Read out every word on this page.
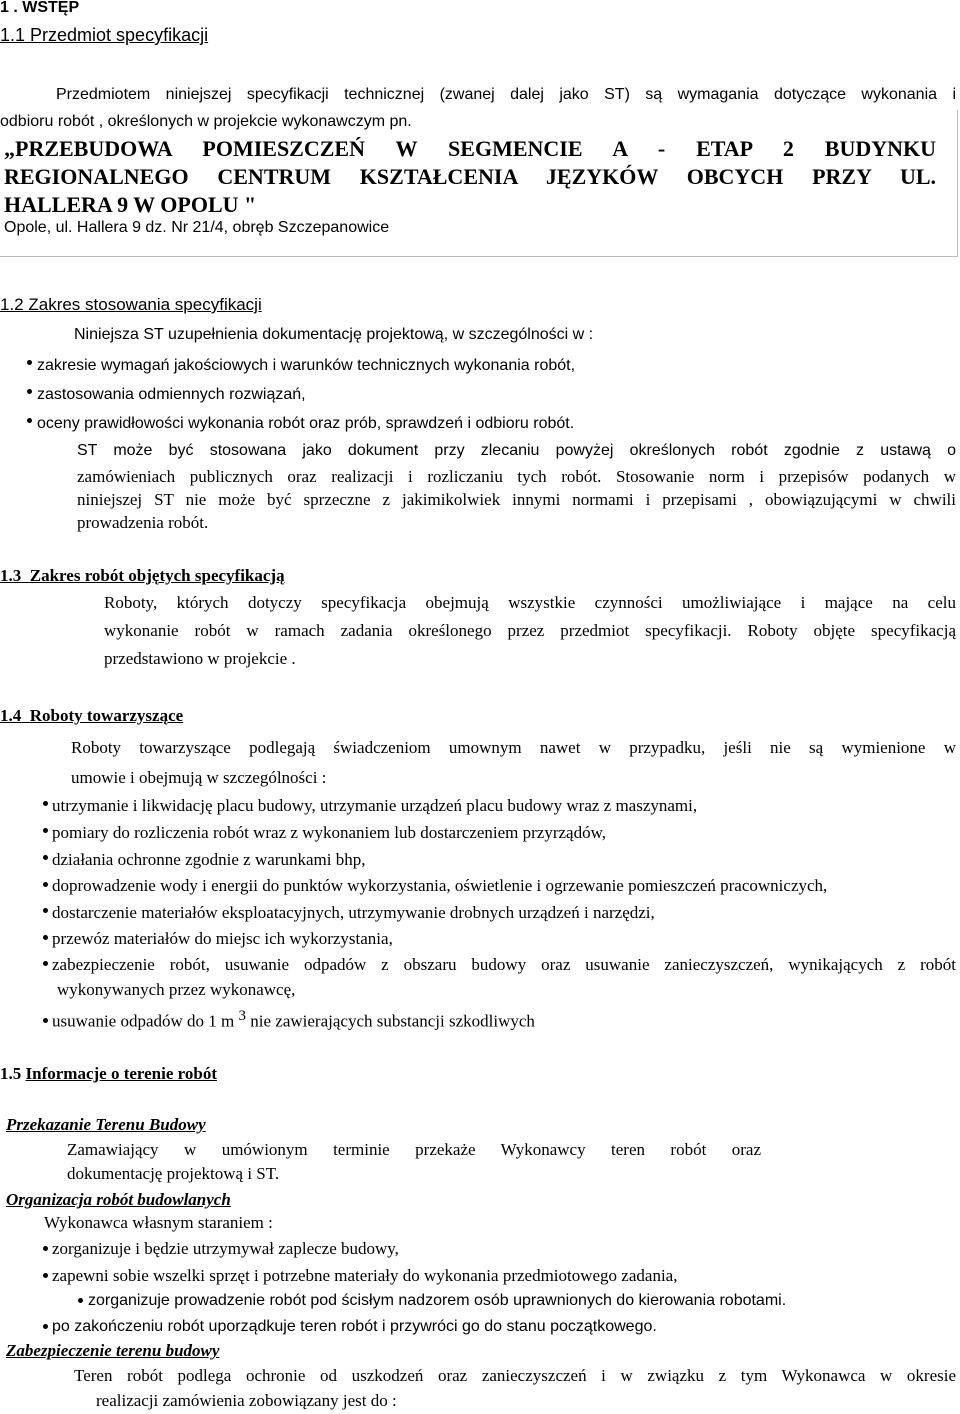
1 . WSTĘP
1.1 Przedmiot specyfikacji
Przedmiotem niniejszej specyfikacji technicznej (zwanej dalej jako ST) są wymagania dotyczące wykonania i
odbioru robót , określonych w projekcie wykonawczym pn.
„PRZEBUDOWA POMIESZCZEŃ W SEGMENCIE A - ETAP 2 BUDYNKU
REGIONALNEGO CENTRUM KSZTAŁCENIA JĘZYKÓW OBCYCH PRZY UL.
HALLERA 9 W OPOLU "
Opole, ul. Hallera 9 dz. Nr 21/4, obręb Szczepanowice
1.2 Zakres stosowania specyfikacji
Niniejsza ST uzupełnienia dokumentację projektową, w szczególności w :
zakresie wymagań jakościowych i warunków technicznych wykonania robót,
zastosowania odmiennych rozwiązań,
oceny prawidłowości wykonania robót oraz prób, sprawdzeń i odbioru robót.
ST może być stosowana jako dokument przy zlecaniu powyżej określonych robót zgodnie z ustawą o
zamówieniach publicznych oraz realizacji i rozliczaniu tych robót. Stosowanie norm i przepisów podanych w
niniejszej ST nie może być sprzeczne z jakimikolwiek innymi normami i przepisami , obowiązującymi w chwili
prowadzenia robót.
1.3 Zakres robót objętych specyfikacją
Roboty, których dotyczy specyfikacja obejmują wszystkie czynności umożliwiające i mające na celu
wykonanie robót w ramach zadania określonego przez przedmiot specyfikacji. Roboty objęte specyfikacją
przedstawiono w projekcie .
1.4 Roboty towarzyszące
Roboty towarzyszące podlegają świadczeniom umownym nawet w przypadku, jeśli nie są wymienione w
umowie i obejmują w szczególności :
utrzymanie i likwidację placu budowy, utrzymanie urządzeń placu budowy wraz z maszynami,
pomiary do rozliczenia robót wraz z wykonaniem lub dostarczeniem przyrządów,
działania ochronne zgodnie z warunkami bhp,
doprowadzenie wody i energii do punktów wykorzystania, oświetlenie i ogrzewanie pomieszczeń pracowniczych,
dostarczenie materiałów eksploatacyjnych, utrzymywanie drobnych urządzeń i narzędzi,
przewóz materiałów do miejsc ich wykorzystania,
zabezpieczenie robót, usuwanie odpadów z obszaru budowy oraz usuwanie zanieczyszczeń, wynikających z robót
wykonywanych przez wykonawcę,
usuwanie odpadów do 1 m $^3$ nie zawierających substancji szkodliwych
1.5 Informacje o terenie robót
Przekazanie Terenu Budowy
Zamawiający w umówionym terminie przekaże Wykonawcy teren robót oraz
dokumentację projektową i ST.
Organizacja robót budowlanych
Wykonawca własnym staraniem :
zorganizuje i będzie utrzymywał zaplecze budowy,
zapewni sobie wszelki sprzęt i potrzebne materiały do wykonania przedmiotowego zadania,
zorganizuje prowadzenie robót pod ścisłym nadzorem osób uprawnionych do kierowania robotami.
po zakończeniu robót uporządkuje teren robót i przywróci go do stanu początkowego.
Zabezpieczenie terenu budowy
Teren robót podlega ochronie od uszkodzeń oraz zanieczyszczeń i w związku z tym Wykonawca w okresie
realizacji zamówienia zobowiązany jest do :
